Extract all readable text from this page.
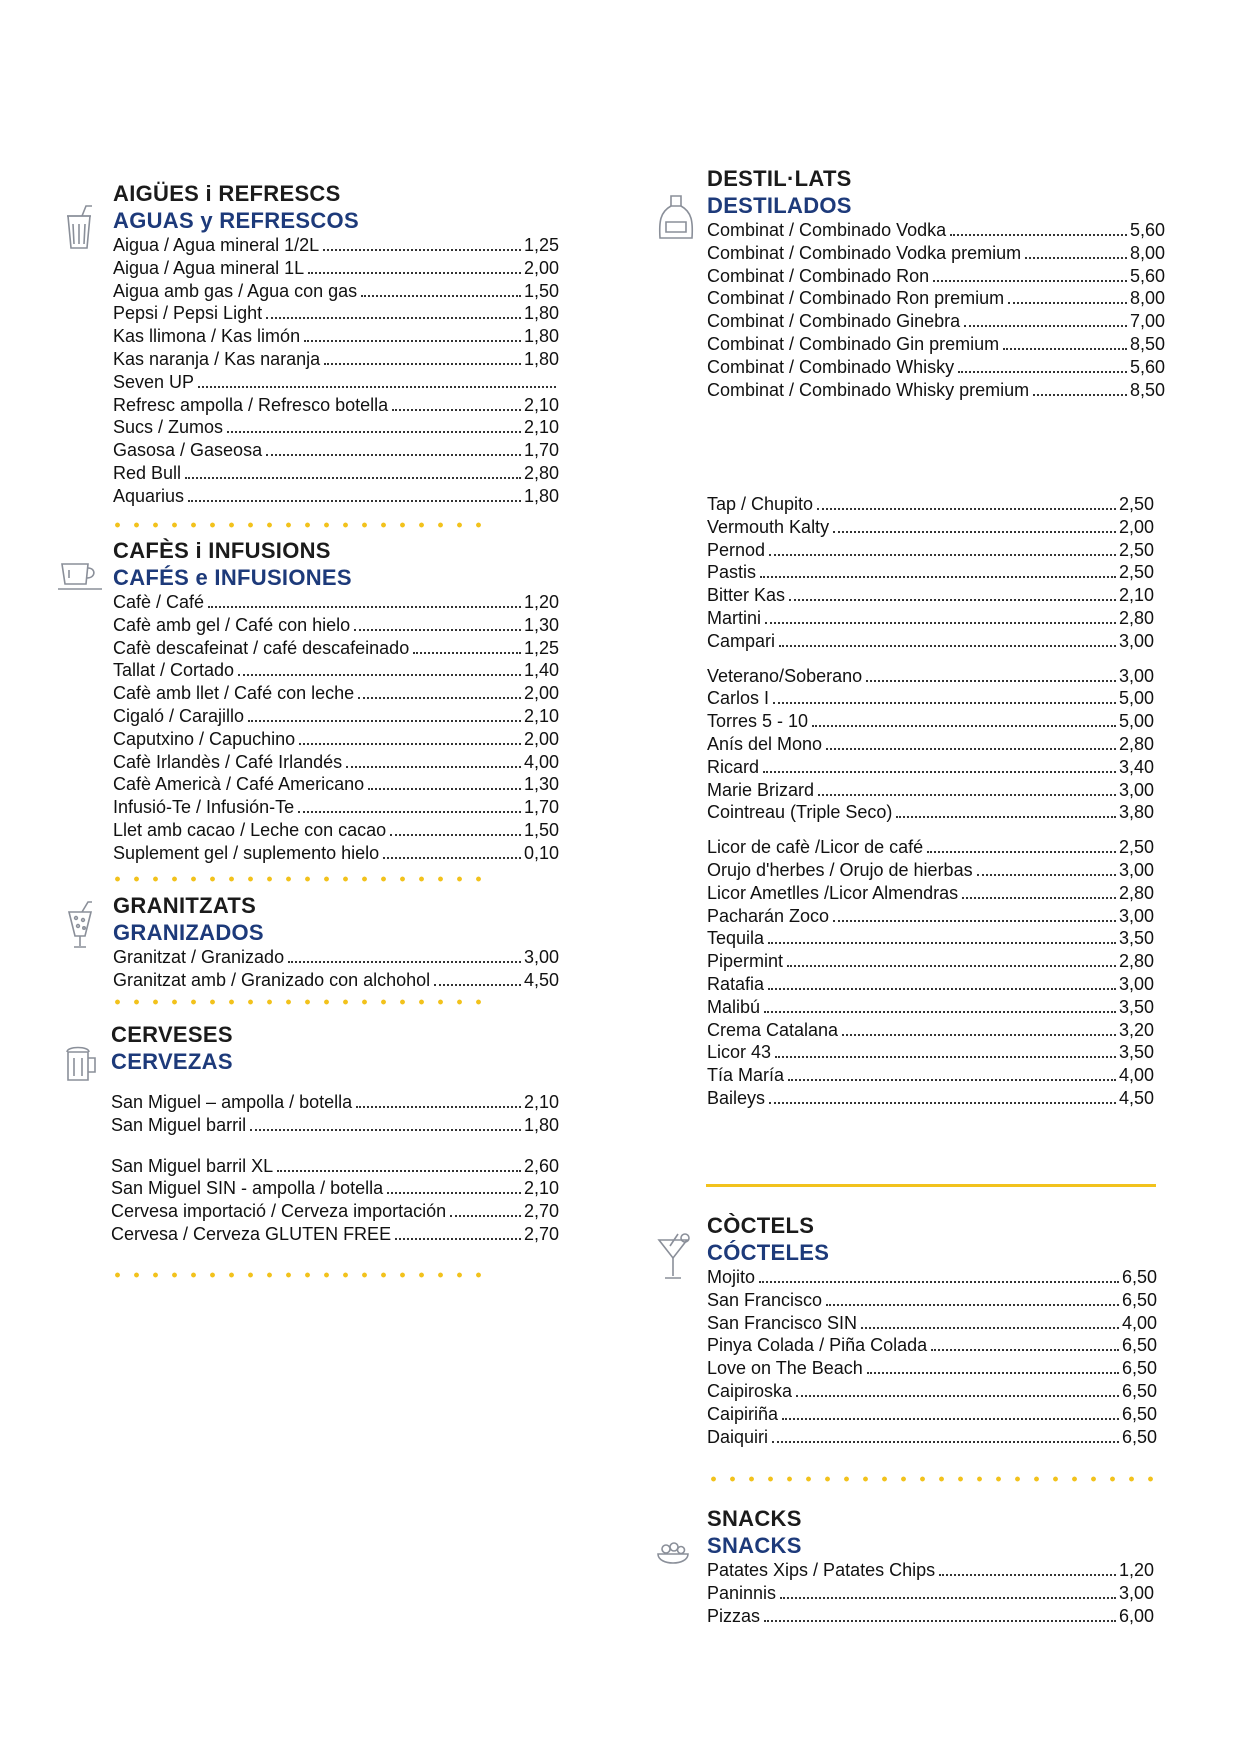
AIGÜES i REFRESCS
AGUAS y REFRESCOS
Aigua / Agua mineral 1/2L	1,25
Aigua / Agua mineral 1L	2,00
Aigua amb gas / Agua con gas	1,50
Pepsi / Pepsi Light	1,80
Kas llimona / Kas limón	1,80
Kas naranja / Kas naranja	1,80
Seven UP
Refresc ampolla / Refresco botella	2,10
Sucs / Zumos	2,10
Gasosa / Gaseosa	1,70
Red Bull	2,80
Aquarius	1,80
CAFÈS i INFUSIONS
CAFÉS e INFUSIONES
Cafè / Café	1,20
Cafè amb gel / Café con hielo	1,30
Cafè descafeinat / café descafeinado	1,25
Tallat / Cortado	1,40
Cafè amb llet / Café con leche	2,00
Cigaló / Carajillo	2,10
Caputxino / Capuchino	2,00
Cafè Irlandès / Café Irlandés	4,00
Cafè Americà / Café Americano	1,30
Infusió-Te / Infusión-Te	1,70
Llet amb cacao / Leche con cacao	1,50
Suplement gel / suplemento hielo	0,10
GRANITZATS
GRANIZADOS
Granitzat / Granizado	3,00
Granitzat amb / Granizado con alchohol	4,50
CERVESES
CERVEZAS
San Miguel – ampolla / botella	2,10
San Miguel barril	1,80
San Miguel barril XL	2,60
San Miguel SIN - ampolla / botella	2,10
Cervesa importació / Cerveza importación	2,70
Cervesa / Cerveza GLUTEN FREE	2,70
DESTIL·LATS
DESTILADOS
Combinat / Combinado Vodka	5,60
Combinat / Combinado Vodka premium	8,00
Combinat / Combinado Ron	5,60
Combinat / Combinado Ron premium	8,00
Combinat / Combinado Ginebra	7,00
Combinat / Combinado Gin premium	8,50
Combinat / Combinado Whisky	5,60
Combinat / Combinado Whisky premium	8,50
Tap / Chupito	2,50
Vermouth Kalty	2,00
Pernod	2,50
Pastis	2,50
Bitter Kas	2,10
Martini	2,80
Campari	3,00
Veterano/Soberano	3,00
Carlos I	5,00
Torres 5 - 10	5,00
Anís del Mono	2,80
Ricard	3,40
Marie Brizard	3,00
Cointreau (Triple Seco)	3,80
Licor de cafè /Licor de café	2,50
Orujo d'herbes / Orujo de hierbas	3,00
Licor Ametlles /Licor Almendras	2,80
Pacharán Zoco	3,00
Tequila	3,50
Pipermint	2,80
Ratafia	3,00
Malibú	3,50
Crema Catalana	3,20
Licor 43	3,50
Tía María	4,00
Baileys	4,50
CÒCTELS
CÓCTELES
Mojito	6,50
San Francisco	6,50
San Francisco SIN	4,00
Pinya Colada / Piña Colada	6,50
Love on The Beach	6,50
Caipiroska	6,50
Caipiriña	6,50
Daiquiri	6,50
SNACKS
SNACKS
Patates Xips / Patates Chips	1,20
Paninnis	3,00
Pizzas	6,00
